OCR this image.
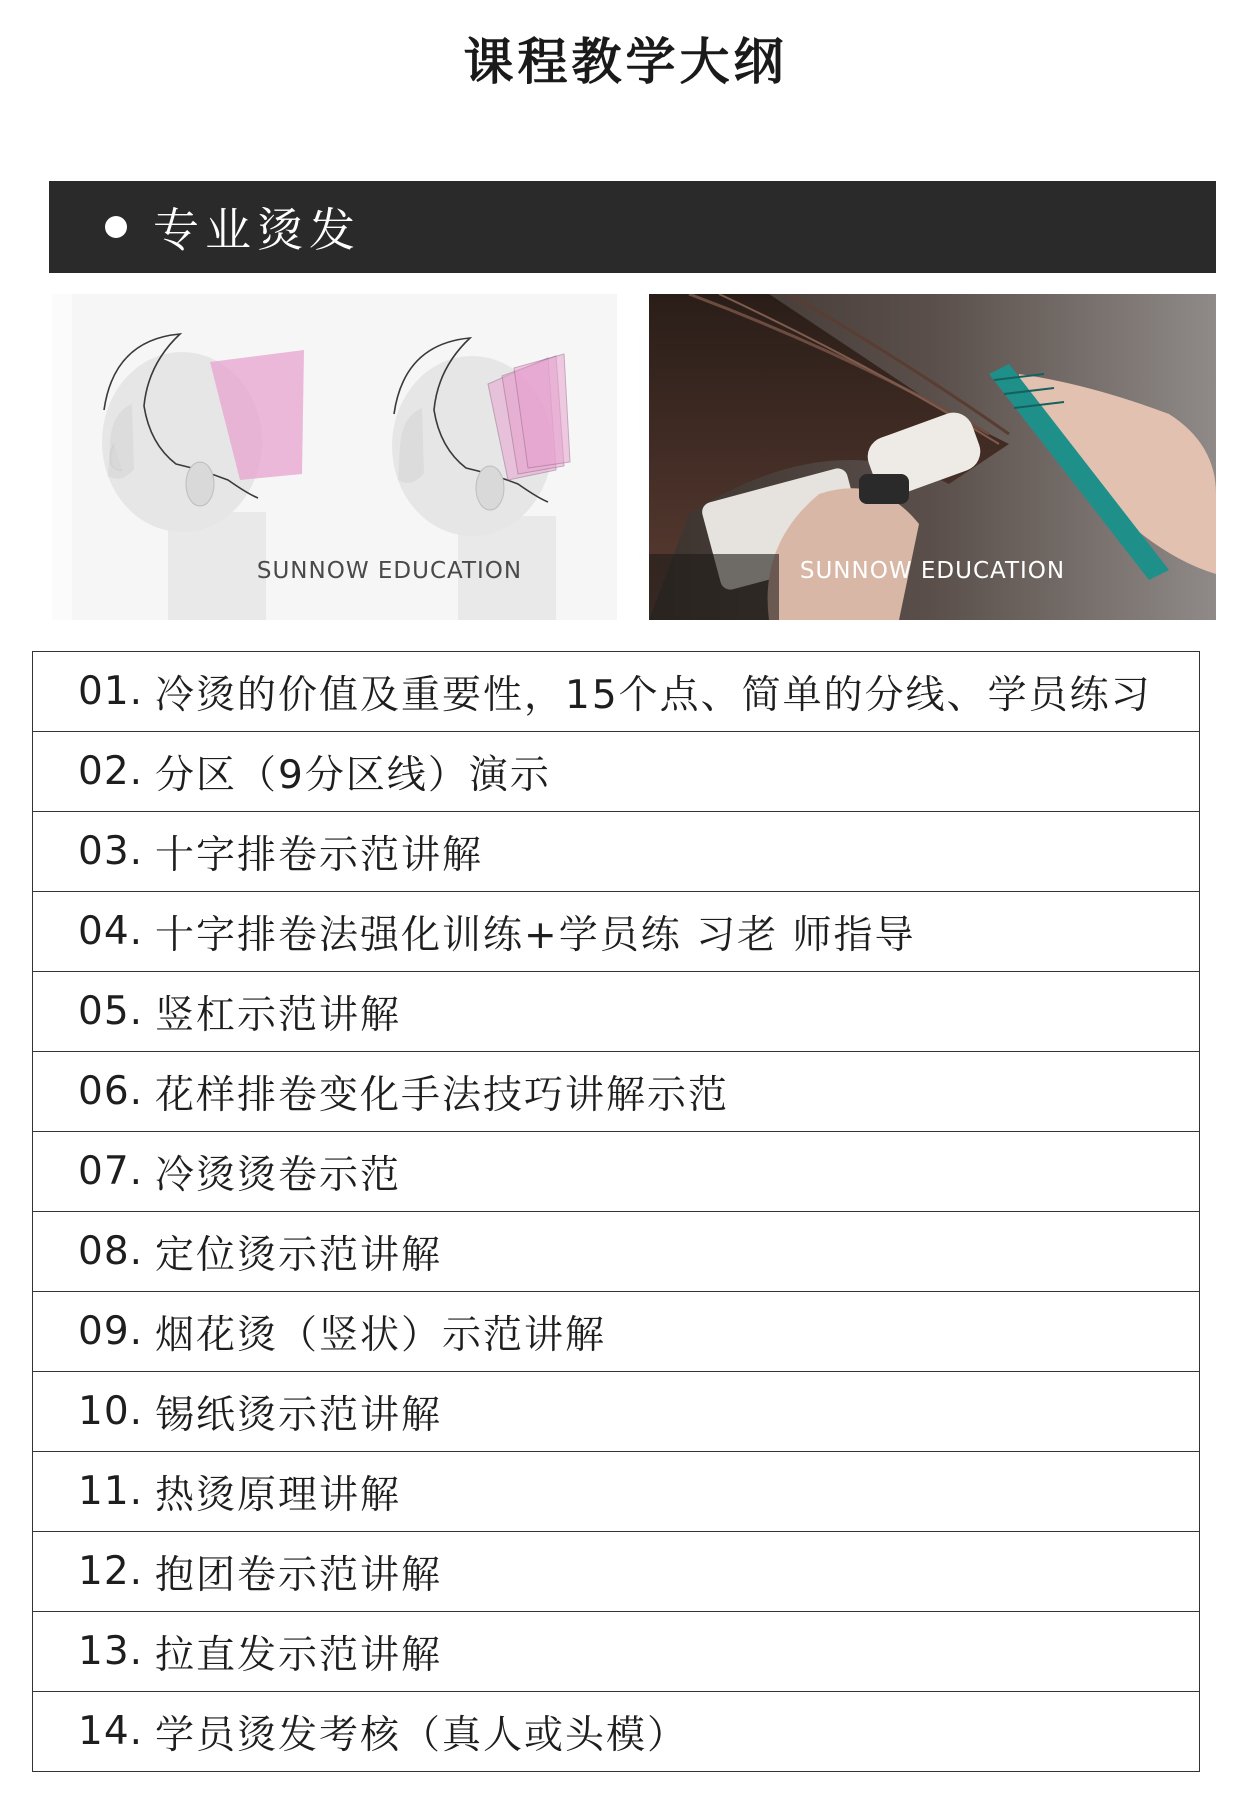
课程教学大纲
专业烫发
SUNNOW EDUCATION	SUNNOW EDUCATION
01. 冷烫的价值及重要性，15个点、简单的分线、学员练习
02. 分区（9分区线）演示
03. 十字排卷示范讲解
04. 十字排卷法强化训练+学员练 习老 师指导
05. 竖杠示范讲解
06. 花样排卷变化手法技巧讲解示范
07. 冷烫烫卷示范
08. 定位烫示范讲解
09. 烟花烫（竖状）示范讲解
10. 锡纸烫示范讲解
11. 热烫原理讲解
12. 抱团卷示范讲解
13. 拉直发示范讲解
14. 学员烫发考核（真人或头模）
